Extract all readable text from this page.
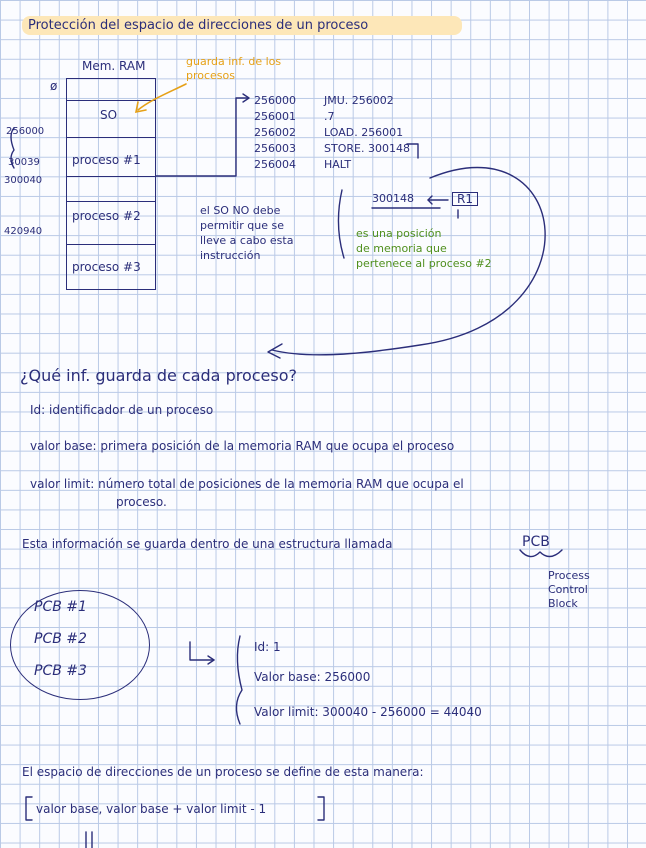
Protección del espacio de direcciones de un proceso
Mem. RAM	guarda inf. de los
procesos
ø
SO
proceso #1
proceso #2
proceso #3
256000
30039
300040
420940
256000	JMU. 256002
256001	.7
256002	LOAD. 256001
256003	STORE. 300148
256004	HALT
el SO NO debe
permitir que se
lleve a cabo esta
instrucción
300148	R1
es una posición
de memoria que
pertenece al proceso #2
¿Qué inf. guarda de cada proceso?
Id: identificador de un proceso
valor base: primera posición de la memoria RAM que ocupa el proceso
valor limit: número total de posiciones de la memoria RAM que ocupa el
proceso.
Esta información se guarda dentro de una estructura llamada	PCB
Process
Control
Block
PCB #1
PCB #2
PCB #3
Id: 1
Valor base: 256000
Valor limit: 300040 - 256000 = 44040
El espacio de direcciones de un proceso se define de esta manera:
valor base, valor base + valor limit - 1
